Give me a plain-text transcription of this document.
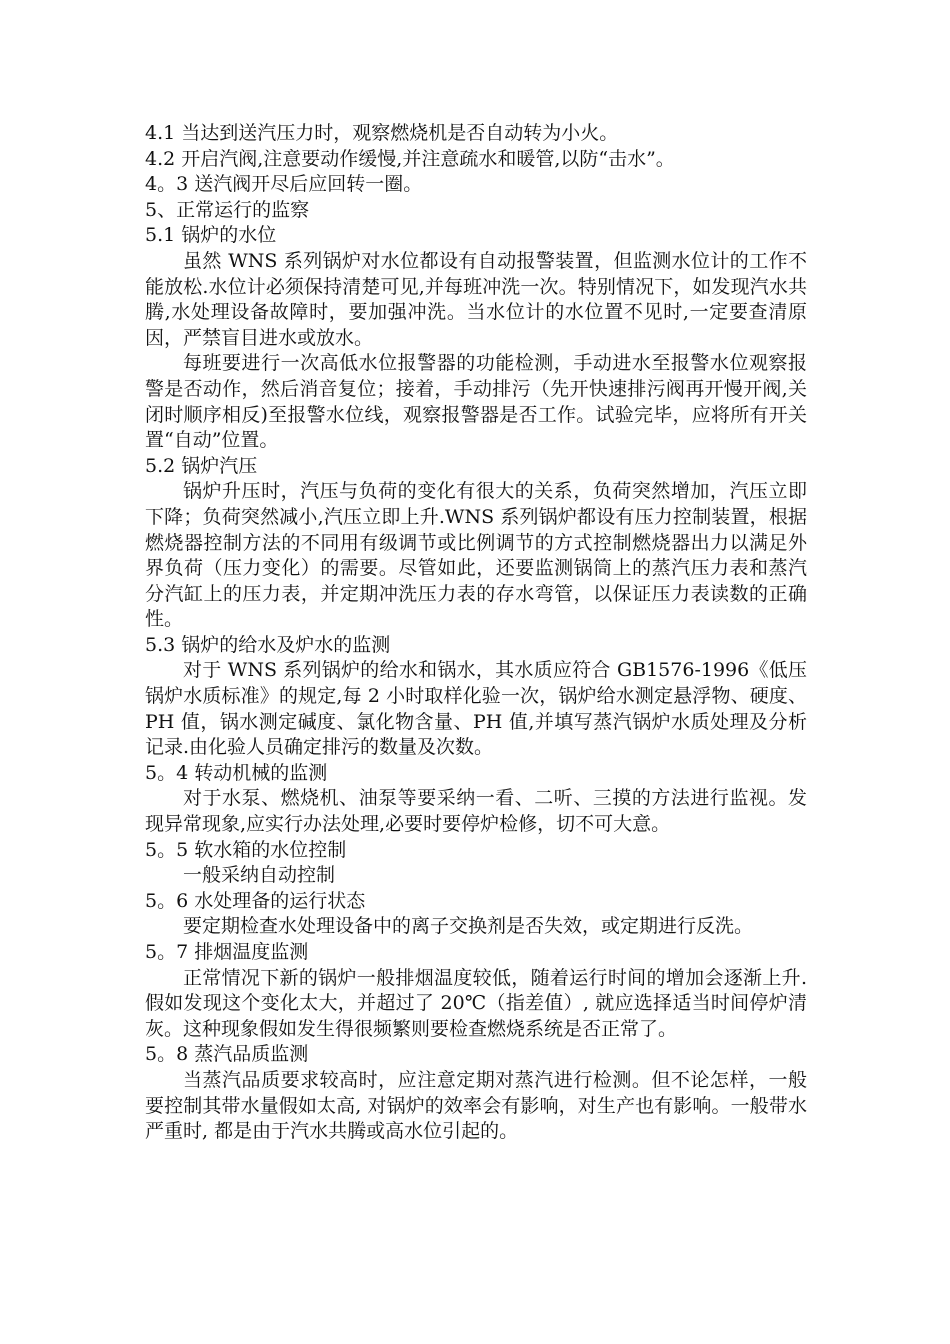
4.1 当达到送汽压力时，观察燃烧机是否自动转为小火。

4.2 开启汽阀,注意要动作缓慢,并注意疏水和暖管,以防“击水”。

4。3 送汽阀开尽后应回转一圈。

5、正常运行的监察

5.1 锅炉的水位

虽然 WNS 系列锅炉对水位都设有自动报警装置，但监测水位计的工作不能放松.水位计必须保持清楚可见,并每班冲洗一次。特别情况下，如发现汽水共腾,水处理设备故障时，要加强冲洗。当水位计的水位置不见时,一定要查清原因，严禁盲目进水或放水。

每班要进行一次高低水位报警器的功能检测，手动进水至报警水位观察报警是否动作，然后消音复位；接着，手动排污（先开快速排污阀再开慢开阀,关闭时顺序相反)至报警水位线，观察报警器是否工作。试验完毕，应将所有开关置“自动”位置。

5.2 锅炉汽压

锅炉升压时，汽压与负荷的变化有很大的关系，负荷突然增加，汽压立即下降；负荷突然减小,汽压立即上升.WNS 系列锅炉都设有压力控制装置，根据燃烧器控制方法的不同用有级调节或比例调节的方式控制燃烧器出力以满足外界负荷（压力变化）的需要。尽管如此，还要监测锅筒上的蒸汽压力表和蒸汽分汽缸上的压力表，并定期冲洗压力表的存水弯管，以保证压力表读数的正确性。

5.3 锅炉的给水及炉水的监测

对于 WNS 系列锅炉的给水和锅水，其水质应符合 GB1576-1996《低压锅炉水质标准》的规定,每 2 小时取样化验一次，锅炉给水测定悬浮物、硬度、PH 值，锅水测定碱度、氯化物含量、PH 值,并填写蒸汽锅炉水质处理及分析记录.由化验人员确定排污的数量及次数。

5。4 转动机械的监测

对于水泵、燃烧机、油泵等要采纳一看、二听、三摸的方法进行监视。发现异常现象,应实行办法处理,必要时要停炉检修，切不可大意。

5。5 软水箱的水位控制

一般采纳自动控制

5。6 水处理备的运行状态

要定期检查水处理设备中的离子交换剂是否失效，或定期进行反洗。

5。7 排烟温度监测

正常情况下新的锅炉一般排烟温度较低，随着运行时间的增加会逐渐上升.假如发现这个变化太大，并超过了 20℃（指差值）, 就应选择适当时间停炉清灰。这种现象假如发生得很频繁则要检查燃烧系统是否正常了。

5。8 蒸汽品质监测

当蒸汽品质要求较高时，应注意定期对蒸汽进行检测。但不论怎样，一般要控制其带水量假如太高, 对锅炉的效率会有影响，对生产也有影响。一般带水严重时, 都是由于汽水共腾或高水位引起的。
